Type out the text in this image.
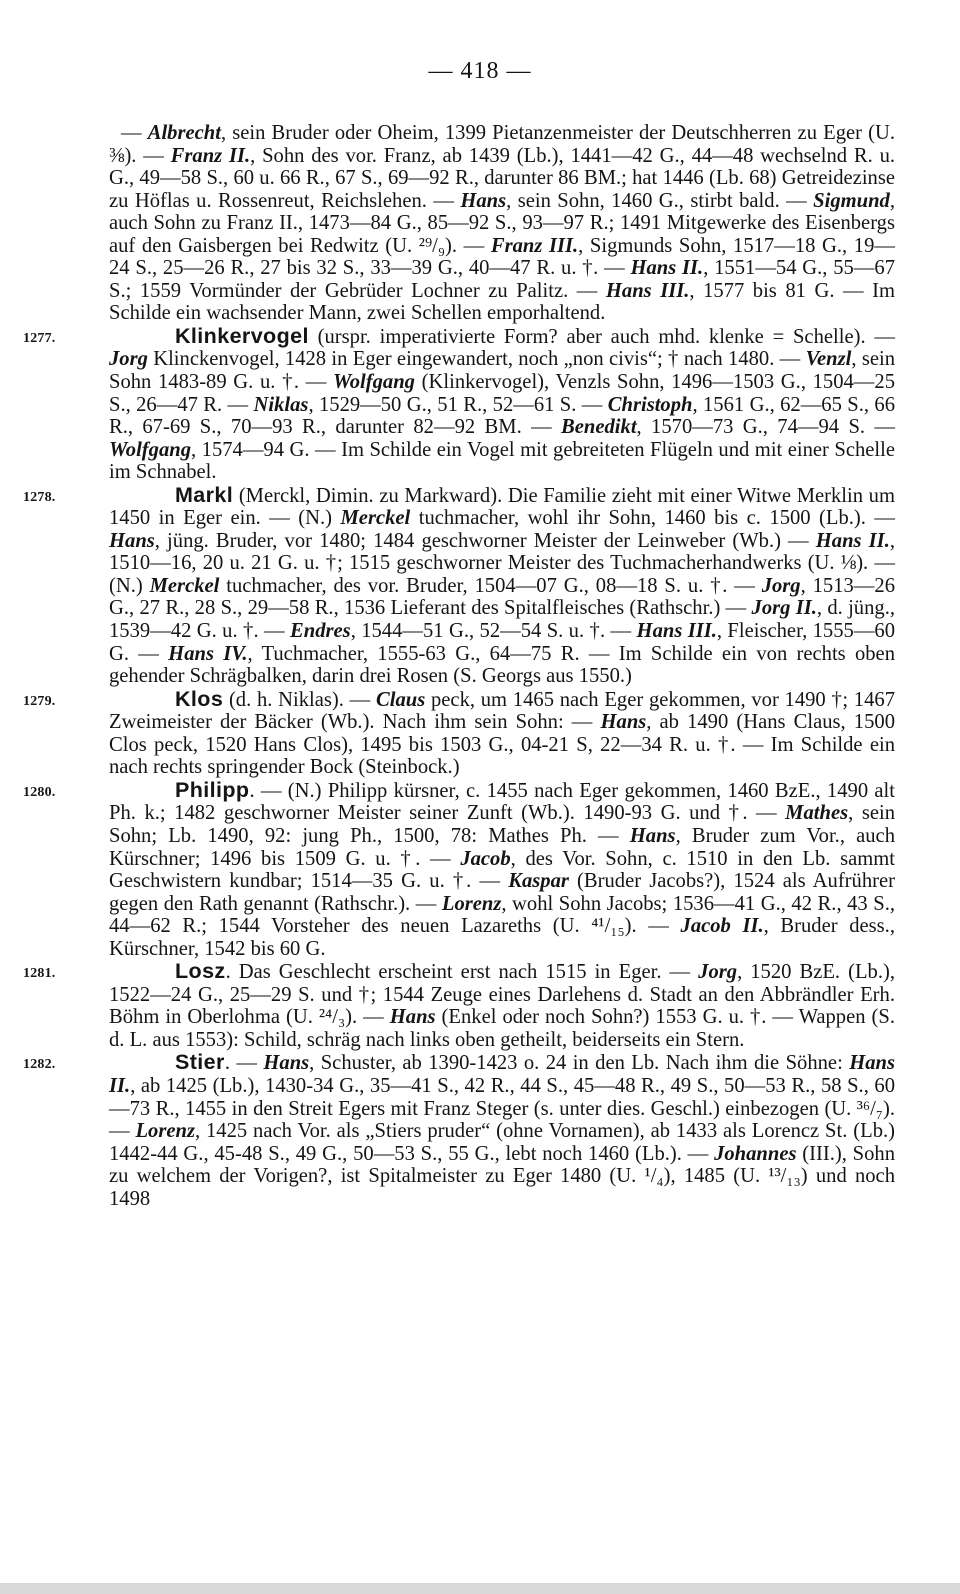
— 418 —

— Albrecht, sein Bruder oder Oheim, 1399 Pietanzenmeister der Deutschherren zu Eger (U. ⅜). — Franz II., Sohn des vor. Franz, ab 1439 (Lb.), 1441—42 G., 44—48 wechselnd R. u. G., 49—58 S., 60 u. 66 R., 67 S., 69—92 R., darunter 86 BM.; hat 1446 (Lb. 68) Getreidezinse zu Höflas u. Rossenreut, Reichslehen. — Hans, sein Sohn, 1460 G., stirbt bald. — Sigmund, auch Sohn zu Franz II., 1473—84 G., 85—92 S., 93—97 R.; 1491 Mitgewerke des Eisenbergs auf den Gaisbergen bei Redwitz (U. ²⁹/₉). — Franz III., Sigmunds Sohn, 1517—18 G., 19—24 S., 25—26 R., 27 bis 32 S., 33—39 G., 40—47 R. u. †. — Hans II., 1551—54 G., 55—67 S.; 1559 Vormünder der Gebrüder Lochner zu Palitz. — Hans III., 1577 bis 81 G. — Im Schilde ein wachsender Mann, zwei Schellen emporhaltend.

1277.	Klinkervogel (urspr. imperativierte Form? aber auch mhd. klenke = Schelle). — Jorg Klinckenvogel, 1428 in Eger eingewandert, noch „non civis“; † nach 1480. — Venzl, sein Sohn 1483-89 G. u. †. — Wolfgang (Klinkervogel), Venzls Sohn, 1496—1503 G., 1504—25 S., 26—47 R. — Niklas, 1529—50 G., 51 R., 52—61 S. — Christoph, 1561 G., 62—65 S., 66 R., 67-69 S., 70—93 R., darunter 82—92 BM. — Benedikt, 1570—73 G., 74—94 S. — Wolfgang, 1574—94 G. — Im Schilde ein Vogel mit gebreiteten Flügeln und mit einer Schelle im Schnabel.

1278.	Markl (Merckl, Dimin. zu Markward). Die Familie zieht mit einer Witwe Merklin um 1450 in Eger ein. — (N.) Merckel tuchmacher, wohl ihr Sohn, 1460 bis c. 1500 (Lb.). — Hans, jüng. Bruder, vor 1480; 1484 geschworner Meister der Leinweber (Wb.) — Hans II., 1510—16, 20 u. 21 G. u. †; 1515 geschworner Meister des Tuchmacherhandwerks (U. ⅛). — (N.) Merckel tuchmacher, des vor. Bruder, 1504—07 G., 08—18 S. u. †. — Jorg, 1513—26 G., 27 R., 28 S., 29—58 R., 1536 Lieferant des Spitalfleisches (Rathschr.) — Jorg II., d. jüng., 1539—42 G. u. †. — Endres, 1544—51 G., 52—54 S. u. †. — Hans III., Fleischer, 1555—60 G. — Hans IV., Tuchmacher, 1555-63 G., 64—75 R. — Im Schilde ein von rechts oben gehender Schrägbalken, darin drei Rosen (S. Georgs aus 1550.)

1279.	Klos (d. h. Niklas). — Claus peck, um 1465 nach Eger gekommen, vor 1490 †; 1467 Zweimeister der Bäcker (Wb.). Nach ihm sein Sohn: — Hans, ab 1490 (Hans Claus, 1500 Clos peck, 1520 Hans Clos), 1495 bis 1503 G., 04-21 S, 22—34 R. u. †. — Im Schilde ein nach rechts springender Bock (Steinbock.)

1280.	Philipp. — (N.) Philipp kürsner, c. 1455 nach Eger gekommen, 1460 BzE., 1490 alt Ph. k.; 1482 geschworner Meister seiner Zunft (Wb.). 1490-93 G. und †. — Mathes, sein Sohn; Lb. 1490, 92: jung Ph., 1500, 78: Mathes Ph. — Hans, Bruder zum Vor., auch Kürschner; 1496 bis 1509 G. u. †. — Jacob, des Vor. Sohn, c. 1510 in den Lb. sammt Geschwistern kundbar; 1514—35 G. u. †. — Kaspar (Bruder Jacobs?), 1524 als Aufrührer gegen den Rath genannt (Rathschr.). — Lorenz, wohl Sohn Jacobs; 1536—41 G., 42 R., 43 S., 44—62 R.; 1544 Vorsteher des neuen Lazareths (U. ⁴¹/₁₅). — Jacob II., Bruder dess., Kürschner, 1542 bis 60 G.

1281.	Losz. Das Geschlecht erscheint erst nach 1515 in Eger. — Jorg, 1520 BzE. (Lb.), 1522—24 G., 25—29 S. und †; 1544 Zeuge eines Darlehens d. Stadt an den Abbrändler Erh. Böhm in Oberlohma (U. ²⁴/₃). — Hans (Enkel oder noch Sohn?) 1553 G. u. †. — Wappen (S. d. L. aus 1553): Schild, schräg nach links oben getheilt, beiderseits ein Stern.

1282.	Stier. — Hans, Schuster, ab 1390-1423 o. 24 in den Lb. Nach ihm die Söhne: Hans II., ab 1425 (Lb.), 1430-34 G., 35—41 S., 42 R., 44 S., 45—48 R., 49 S., 50—53 R., 58 S., 60—73 R., 1455 in den Streit Egers mit Franz Steger (s. unter dies. Geschl.) einbezogen (U. ³⁶/₇). — Lorenz, 1425 nach Vor. als „Stiers pruder“ (ohne Vornamen), ab 1433 als Lorencz St. (Lb.) 1442-44 G., 45-48 S., 49 G., 50—53 S., 55 G., lebt noch 1460 (Lb.). — Johannes (III.), Sohn zu welchem der Vorigen?, ist Spitalmeister zu Eger 1480 (U. ¹/₄), 1485 (U. ¹³/₁₃) und noch 1498
